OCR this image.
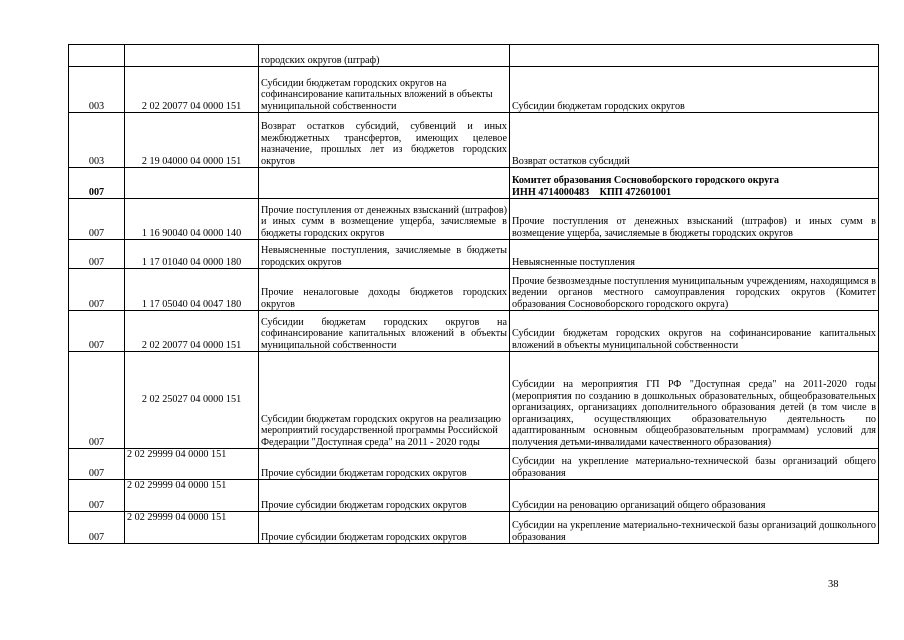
		городских округов (штраф)	
003	2 02 20077 04 0000 151	Субсидии бюджетам городских округов на софинансирование капитальных вложений в объекты муниципальной собственности	Субсидии бюджетам городских округов
003	2 19 04000 04 0000 151	Возврат остатков субсидий, субвенций и иных межбюджетных трансфертов, имеющих целевое назначение, прошлых лет из бюджетов городских округов	Возврат остатков субсидий
007			Комитет образования Сосновоборского городского округа
ИНН 4714000483    КПП 472601001

007	1 16 90040 04 0000 140	Прочие поступления от денежных взысканий (штрафов) и иных сумм в возмещение ущерба, зачисляемые в бюджеты городских округов	Прочие поступления от денежных взысканий (штрафов) и иных сумм в возмещение ущерба, зачисляемые в бюджеты городских округов
007	1 17 01040 04 0000 180	Невыясненные поступления, зачисляемые в бюджеты городских округов	Невыясненные поступления
007	1 17 05040 04 0047 180	Прочие неналоговые доходы бюджетов городских округов	Прочие безвозмездные поступления муниципальным учреждениям, находящимся в ведении органов местного самоуправления городских округов (Комитет образования Сосновоборского городского округа)
007	2 02 20077 04 0000 151	Субсидии бюджетам городских округов на софинансирование капитальных вложений в объекты муниципальной собственности	Субсидии бюджетам городских округов на софинансирование капитальных вложений в объекты муниципальной собственности
007	2 02 25027 04 0000 151	Субсидии бюджетам городских округов на реализацию мероприятий государственной программы Российской Федерации "Доступная среда" на 2011 - 2020 годы	Субсидии на мероприятия ГП РФ "Доступная среда" на 2011-2020 годы (мероприятия по созданию в дошкольных образовательных, общеобразовательных организациях, организациях дополнительного образования детей (в том числе в организациях, осуществляющих образовательную деятельность по адаптированным основным общеобразовательным программам) условий для получения детьми-инвалидами качественного образования)
007	2 02 29999 04 0000 151	Прочие субсидии бюджетам городских округов	Субсидии на укрепление материально-технической базы организаций общего образования
007	2 02 29999 04 0000 151	Прочие субсидии бюджетам городских округов	Субсидии на реновацию организаций общего образования
007	2 02 29999 04 0000 151	Прочие субсидии бюджетам городских округов	Субсидии на укрепление материально-технической базы организаций дошкольного образования
38
